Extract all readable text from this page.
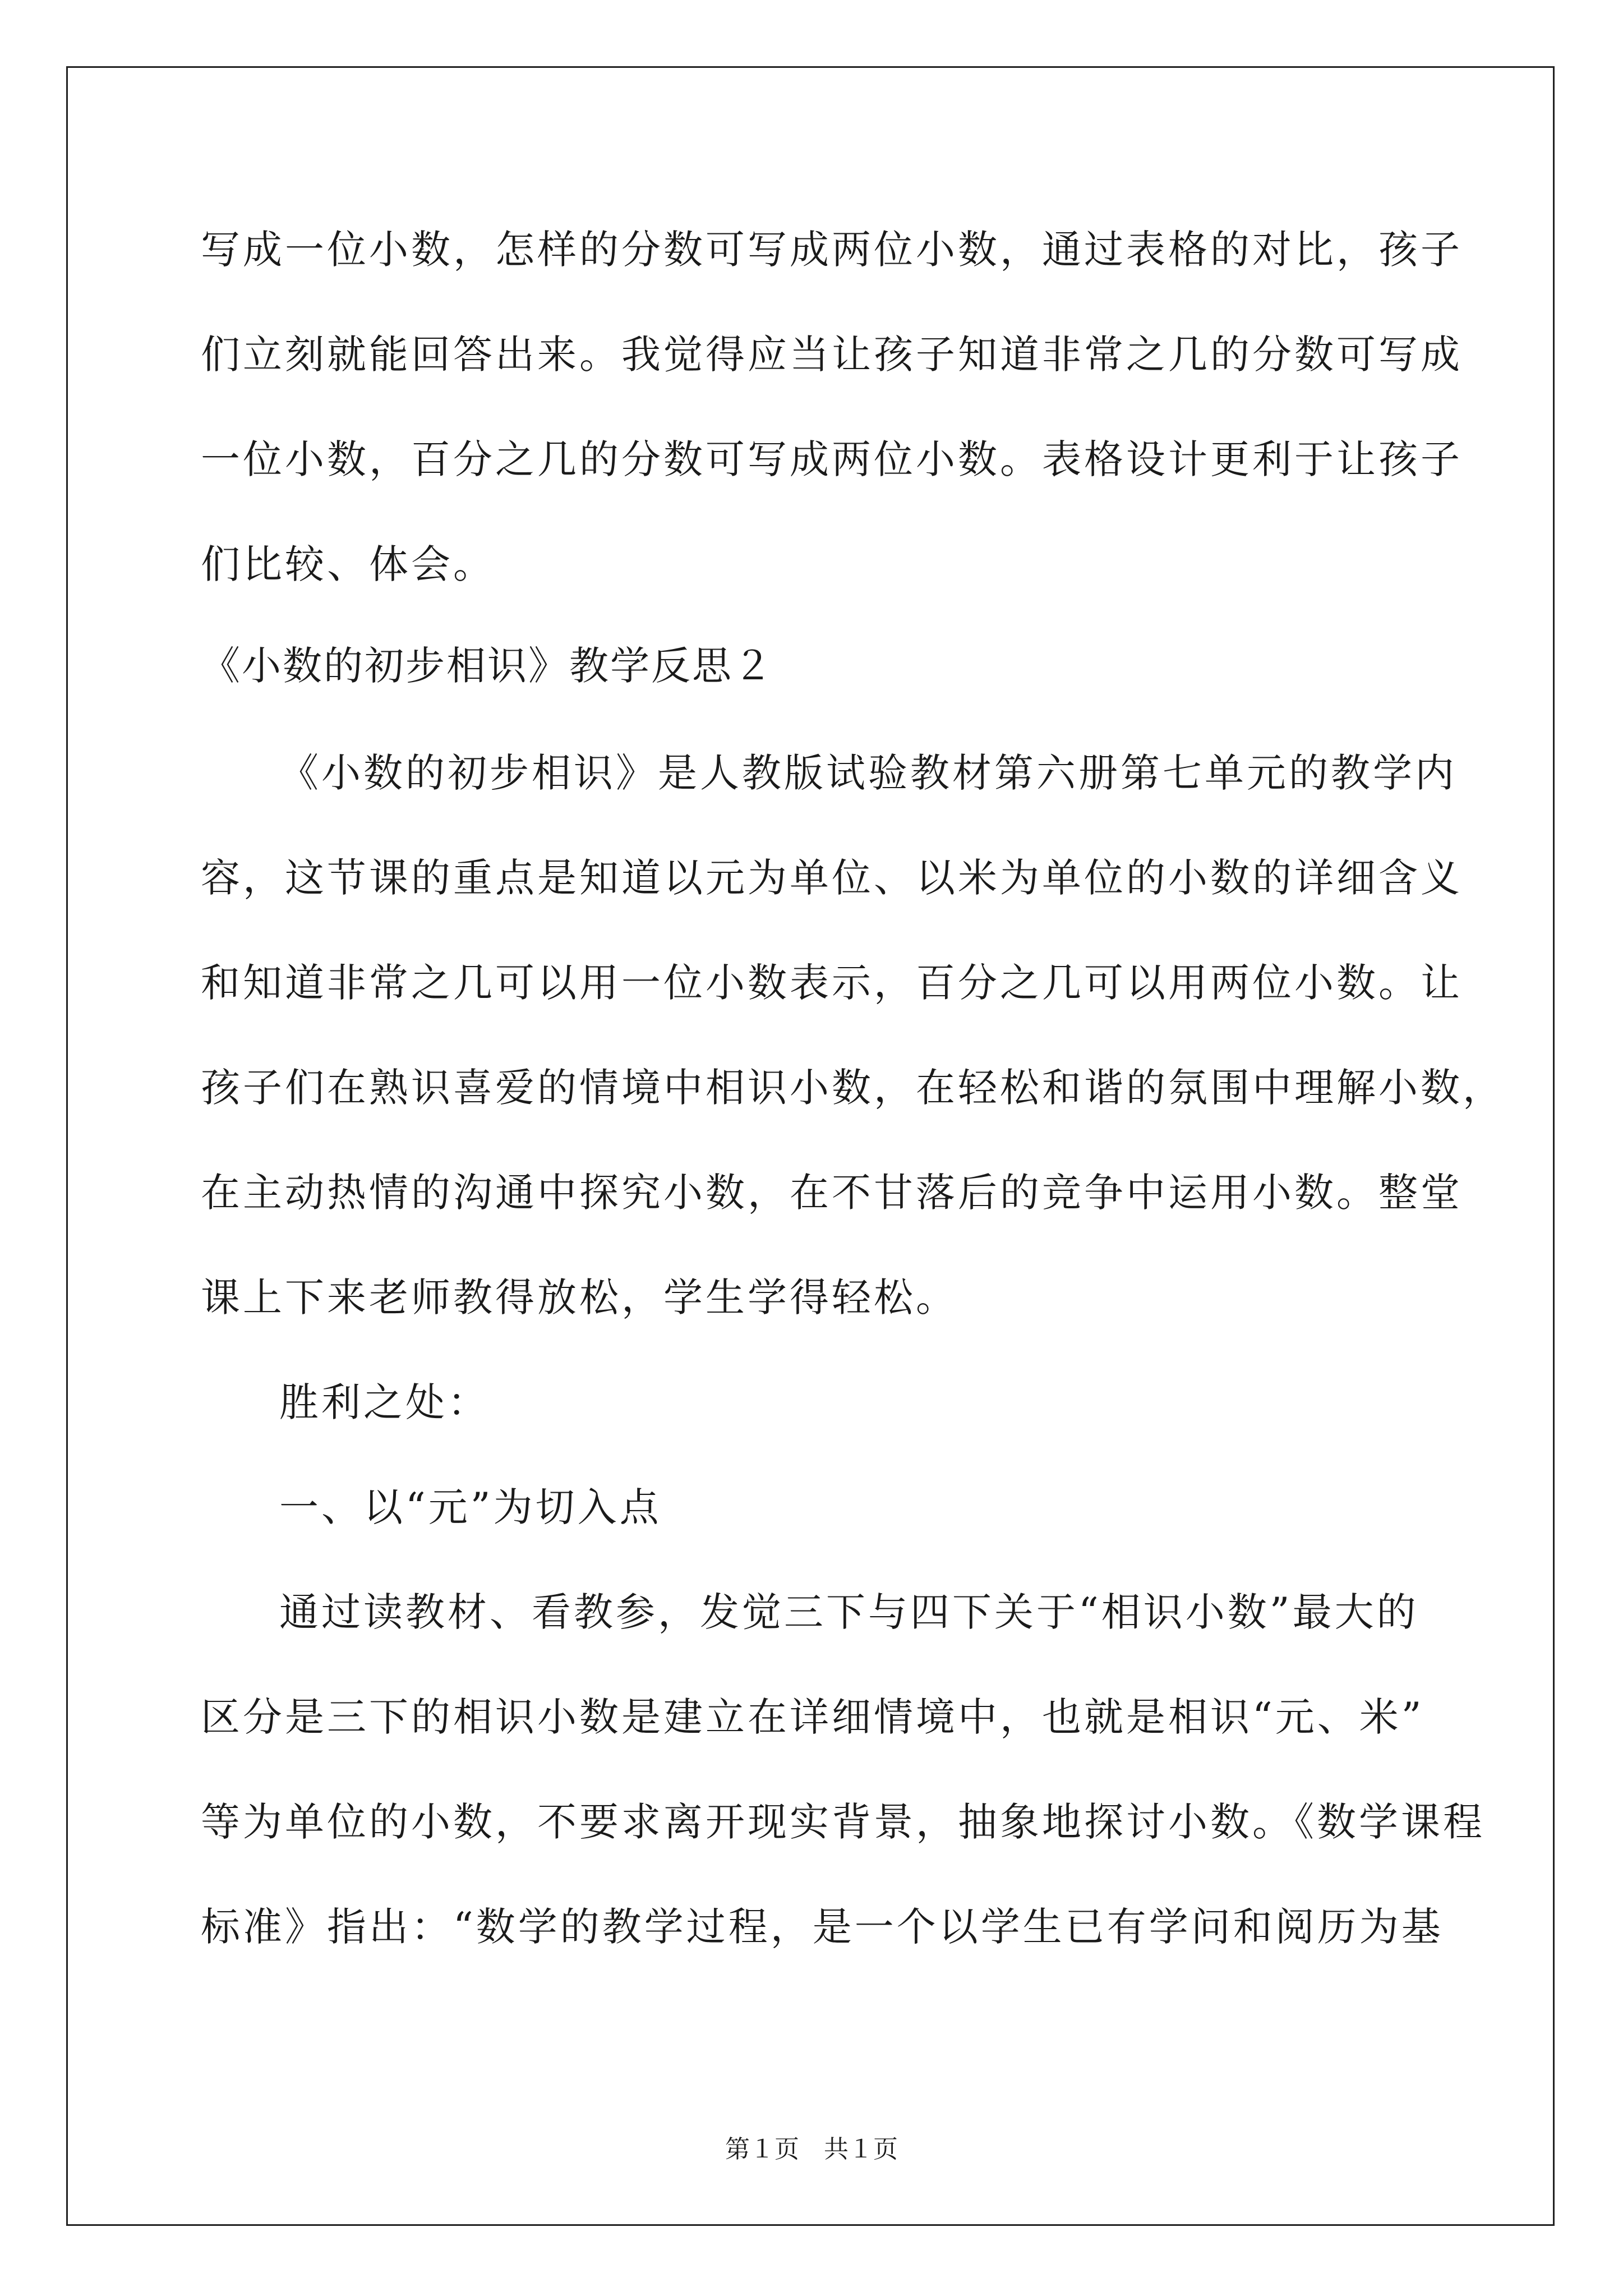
写成一位小数，怎样的分数可写成两位小数，通过表格的对比，孩子
们立刻就能回答出来。我觉得应当让孩子知道非常之几的分数可写成
一位小数，百分之几的分数可写成两位小数。表格设计更利于让孩子
们比较、体会。
《小数的初步相识》教学反思２
《小数的初步相识》是人教版试验教材第六册第七单元的教学内
容，这节课的重点是知道以元为单位、以米为单位的小数的详细含义
和知道非常之几可以用一位小数表示，百分之几可以用两位小数。让
孩子们在熟识喜爱的情境中相识小数，在轻松和谐的氛围中理解小数，
在主动热情的沟通中探究小数，在不甘落后的竞争中运用小数。整堂
课上下来老师教得放松，学生学得轻松。
胜利之处：
一、以“元”为切入点
通过读教材、看教参，发觉三下与四下关于“相识小数”最大的
区分是三下的相识小数是建立在详细情境中，也就是相识“元、米”
等为单位的小数，不要求离开现实背景，抽象地探讨小数。《数学课程
标准》指出：“数学的教学过程，是一个以学生已有学问和阅历为基
第１页　共１页
